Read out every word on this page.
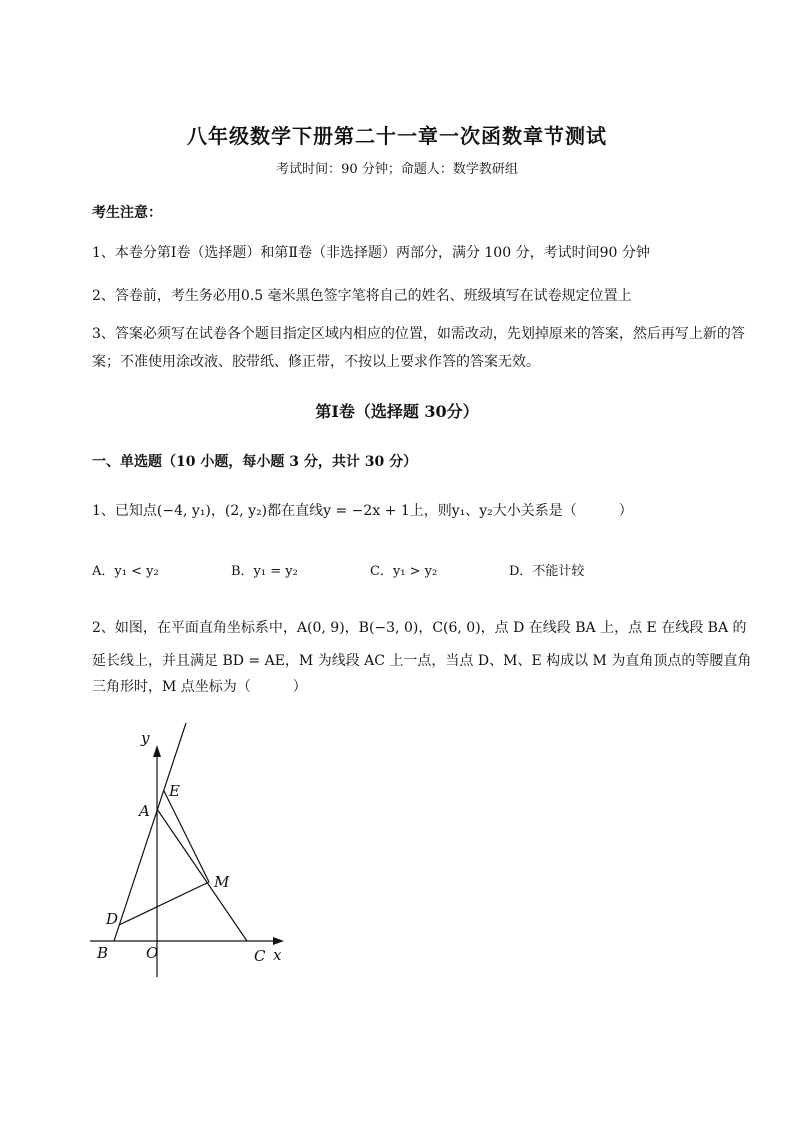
八年级数学下册第二十一章一次函数章节测试
考试时间：90 分钟；命题人：数学教研组
考生注意：
1、本卷分第Ⅰ卷（选择题）和第Ⅱ卷（非选择题）两部分，满分 100 分，考试时间90 分钟
2、答卷前，考生务必用0.5 毫米黑色签字笔将自己的姓名、班级填写在试卷规定位置上
3、答案必须写在试卷各个题目指定区域内相应的位置，如需改动，先划掉原来的答案，然后再写上新的答案；不准使用涂改液、胶带纸、修正带，不按以上要求作答的答案无效。
第Ⅰ卷（选择题 30分）
一、单选题（10 小题，每小题 3 分，共计 30 分）
1、已知点(−4, y₁)，(2, y₂)都在直线y = −2x + 1上，则y₁、y₂大小关系是（　　　）
A．y₁ < y₂	B．y₁ = y₂	C．y₁ > y₂	D．不能计较
2、如图，在平面直角坐标系中，A(0, 9)，B(−3, 0)，C(6, 0)，点 D 在线段 BA 上，点 E 在线段 BA 的
延长线上，并且满足 BD = AE，M 为线段 AC 上一点，当点 D、M、E 构成以 M 为直角顶点的等腰直角
三角形时，M 点坐标为（　　　）
y
x
A
E
M
D
B	O	C
